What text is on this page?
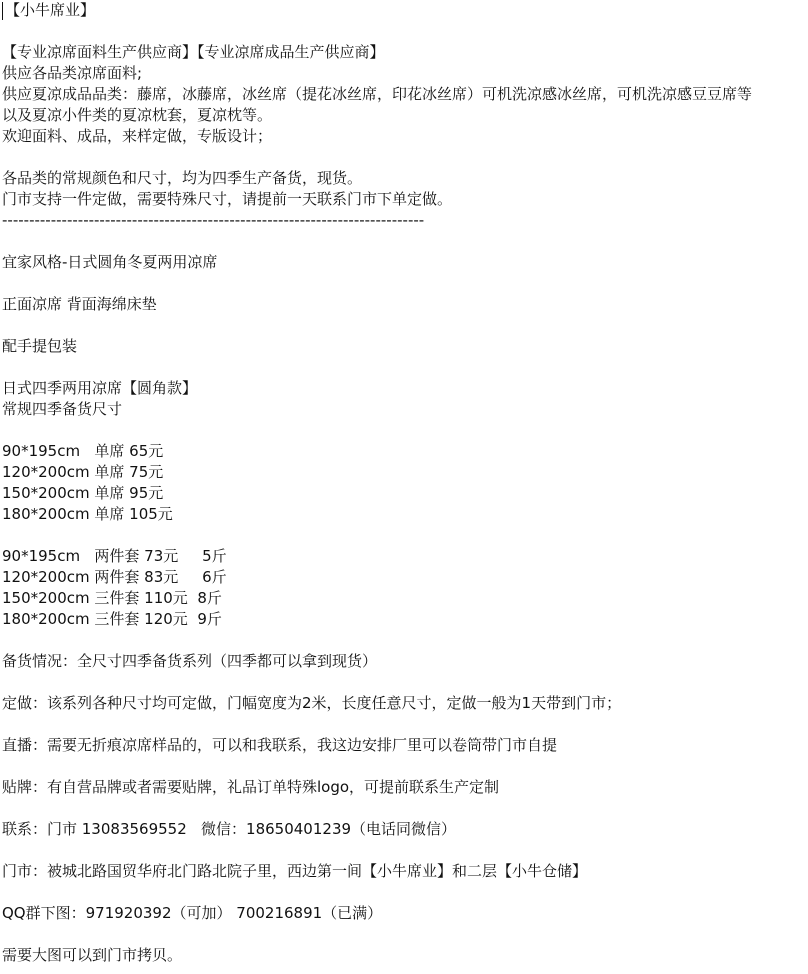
【小牛席业】
【专业凉席面料生产供应商】【专业凉席成品生产供应商】
供应各品类凉席面料;
供应夏凉成品品类：藤席，冰藤席，冰丝席（提花冰丝席，印花冰丝席）可机洗凉感冰丝席，可机洗凉感豆豆席等
以及夏凉小件类的夏凉枕套，夏凉枕等。
欢迎面料、成品，来样定做，专版设计；
各品类的常规颜色和尺寸，均为四季生产备货，现货。
门市支持一件定做，需要特殊尺寸，请提前一天联系门市下单定做。
------------------------------------------------------------------------------
宜家风格-日式圆角冬夏两用凉席
正面凉席 背面海绵床垫
配手提包装
日式四季两用凉席【圆角款】
常规四季备货尺寸
90*195cm   单席 65元
120*200cm 单席 75元
150*200cm 单席 95元
180*200cm 单席 105元
90*195cm   两件套 73元     5斤
120*200cm 两件套 83元     6斤
150*200cm 三件套 110元  8斤
180*200cm 三件套 120元  9斤
备货情况：全尺寸四季备货系列（四季都可以拿到现货）
定做：该系列各种尺寸均可定做，门幅宽度为2米，长度任意尺寸，定做一般为1天带到门市；
直播：需要无折痕凉席样品的，可以和我联系，我这边安排厂里可以卷筒带门市自提
贴牌：有自营品牌或者需要贴牌，礼品订单特殊logo，可提前联系生产定制
联系：门市 13083569552   微信：18650401239（电话同微信）
门市：被城北路国贸华府北门路北院子里，西边第一间【小牛席业】和二层【小牛仓储】
QQ群下图：971920392（可加） 700216891（已满）
需要大图可以到门市拷贝。
